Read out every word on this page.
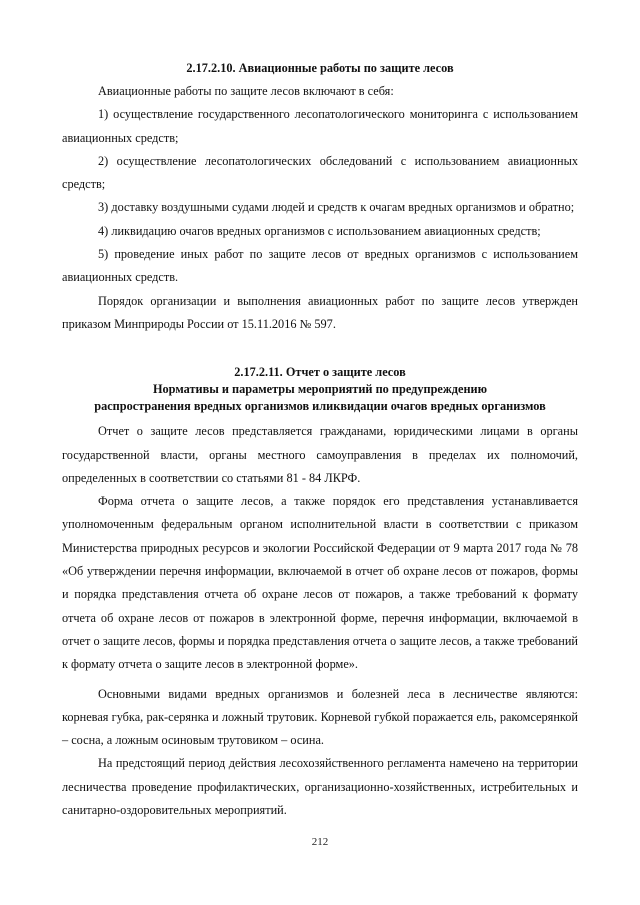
2.17.2.10. Авиационные работы по защите лесов

Авиационные работы по защите лесов включают в себя:

1) осуществление государственного лесопатологического мониторинга с использованием авиационных средств;

2) осуществление лесопатологических обследований с использованием авиационных средств;

3) доставку воздушными судами людей и средств к очагам вредных организмов и обратно;

4) ликвидацию очагов вредных организмов с использованием авиационных средств;

5) проведение иных работ по защите лесов от вредных организмов с использованием авиационных средств.

Порядок организации и выполнения авиационных работ по защите лесов утвержден приказом Минприроды России от 15.11.2016 № 597.

2.17.2.11. Отчет о защите лесов
Нормативы и параметры мероприятий по предупреждению
распространения вредных организмов иликвидации очагов вредных организмов

Отчет о защите лесов представляется гражданами, юридическими лицами в органы государственной власти, органы местного самоуправления в пределах их полномочий, определенных в соответствии со статьями 81 - 84 ЛКРФ.

Форма отчета о защите лесов, а также порядок его представления устанавливается уполномоченным федеральным органом исполнительной власти в соответствии с приказом Министерства природных ресурсов и экологии Российской Федерации от 9 марта 2017 года № 78 «Об утверждении перечня информации, включаемой в отчет об охране лесов от пожаров, формы и порядка представления отчета об охране лесов от пожаров, а также требований к формату отчета об охране лесов от пожаров в электронной форме, перечня информации, включаемой в отчет о защите лесов, формы и порядка представления отчета о защите лесов, а также требований к формату отчета о защите лесов в электронной форме».

Основными видами вредных организмов и болезней леса в лесничестве являются: корневая губка, рак-серянка и ложный трутовик. Корневой губкой поражается ель, ракомсерянкой – сосна, а ложным осиновым трутовиком – осина.

На предстоящий период действия лесохозяйственного регламента намечено на территории лесничества проведение профилактических, организационно-хозяйственных, истребительных и санитарно-оздоровительных мероприятий.

212
